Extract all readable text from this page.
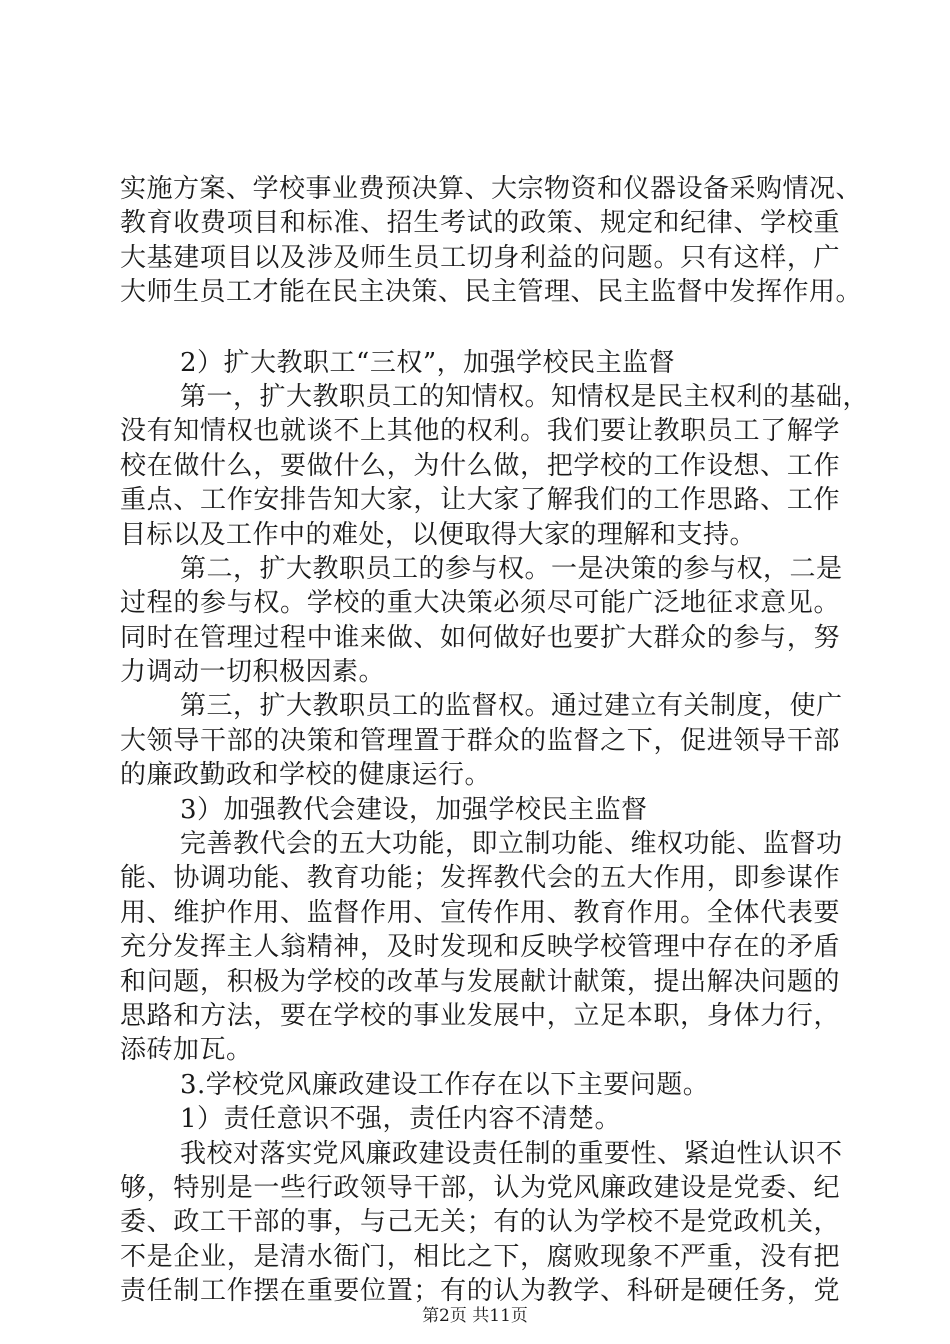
实施方案、学校事业费预决算、大宗物资和仪器设备采购情况、
教育收费项目和标准、招生考试的政策、规定和纪律、学校重
大基建项目以及涉及师生员工切身利益的问题。只有这样，广
大师生员工才能在民主决策、民主管理、民主监督中发挥作用。
2）扩大教职工“三权”，加强学校民主监督
第一，扩大教职员工的知情权。知情权是民主权利的基础，
没有知情权也就谈不上其他的权利。我们要让教职员工了解学
校在做什么，要做什么，为什么做，把学校的工作设想、工作
重点、工作安排告知大家，让大家了解我们的工作思路、工作
目标以及工作中的难处，以便取得大家的理解和支持。
第二，扩大教职员工的参与权。一是决策的参与权，二是
过程的参与权。学校的重大决策必须尽可能广泛地征求意见。
同时在管理过程中谁来做、如何做好也要扩大群众的参与，努
力调动一切积极因素。
第三，扩大教职员工的监督权。通过建立有关制度，使广
大领导干部的决策和管理置于群众的监督之下，促进领导干部
的廉政勤政和学校的健康运行。
3）加强教代会建设，加强学校民主监督
完善教代会的五大功能，即立制功能、维权功能、监督功
能、协调功能、教育功能；发挥教代会的五大作用，即参谋作
用、维护作用、监督作用、宣传作用、教育作用。全体代表要
充分发挥主人翁精神，及时发现和反映学校管理中存在的矛盾
和问题，积极为学校的改革与发展献计献策，提出解决问题的
思路和方法，要在学校的事业发展中，立足本职，身体力行，
添砖加瓦。
3.学校党风廉政建设工作存在以下主要问题。
1）责任意识不强，责任内容不清楚。
我校对落实党风廉政建设责任制的重要性、紧迫性认识不
够，特别是一些行政领导干部，认为党风廉政建设是党委、纪
委、政工干部的事，与己无关；有的认为学校不是党政机关，
不是企业，是清水衙门，相比之下，腐败现象不严重，没有把
责任制工作摆在重要位置；有的认为教学、科研是硬任务，党
第2页 共11页
